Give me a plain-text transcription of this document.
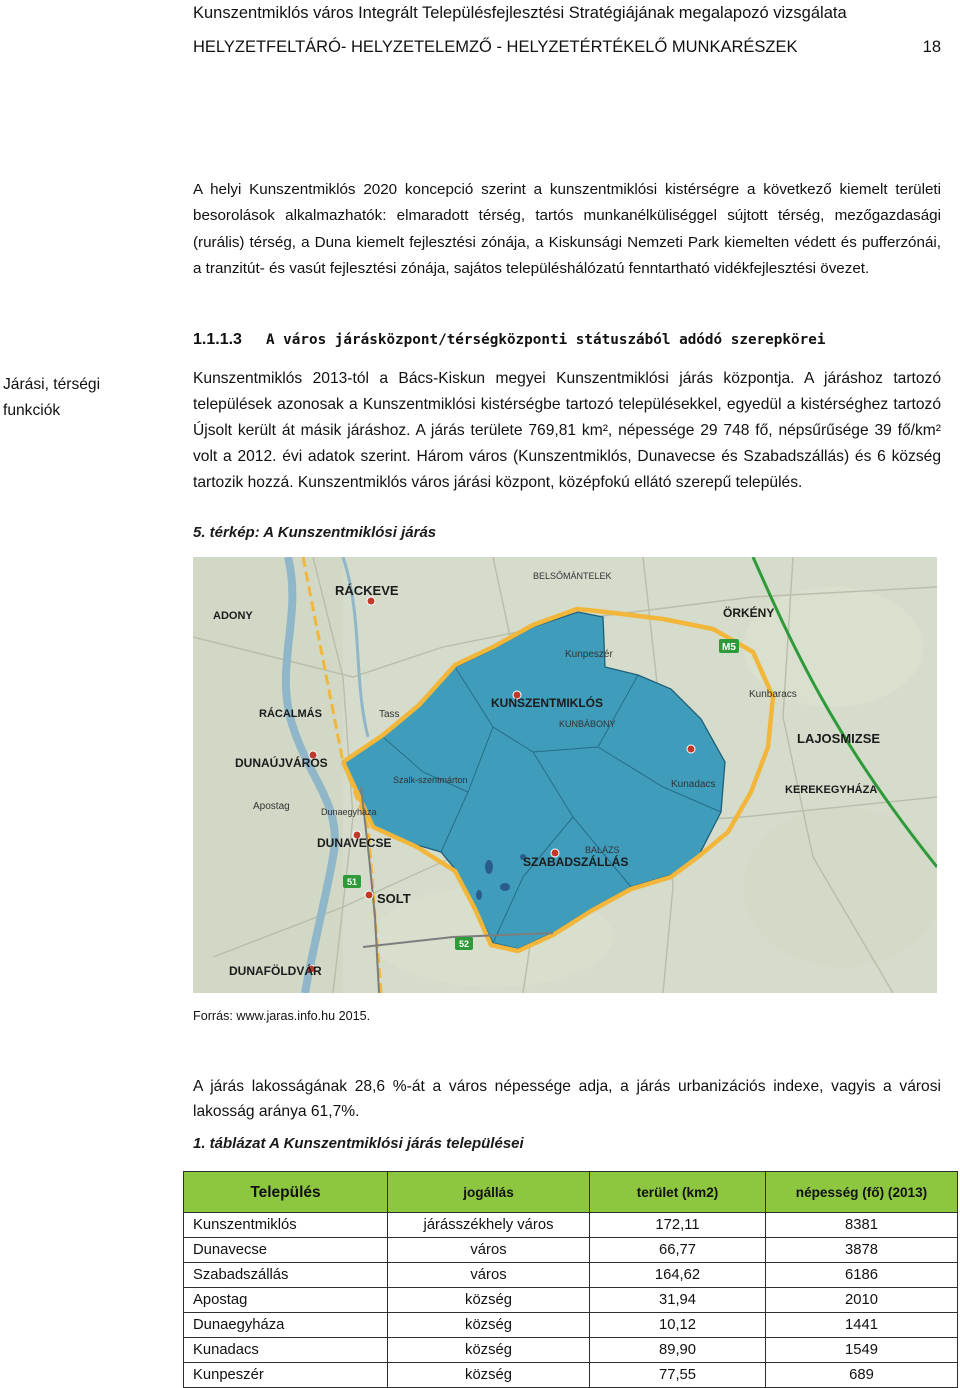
Kunszentmiklós város Integrált Településfejlesztési Stratégiájának megalapozó vizsgálata
HELYZETFELTÁRÓ- HELYZETELEMZŐ - HELYZETÉRTÉKELŐ MUNKARÉSZEK	18
A helyi Kunszentmiklós 2020 koncepció szerint a kunszentmiklósi kistérségre a következő kiemelt területi besorolások alkalmazhatók: elmaradott térség, tartós munkanélküliséggel sújtott térség, mezőgazdasági (rurális) térség, a Duna kiemelt fejlesztési zónája, a Kiskunsági Nemzeti Park kiemelten védett és pufferzónái, a tranzitút- és vasút fejlesztési zónája, sajátos településhálózatú fenntartható vidékfejlesztési övezet.
1.1.1.3 A város járásközpont/térségközponti státuszából adódó szerepkörei
Járási, térségi funkciók
Kunszentmiklós 2013-tól a Bács-Kiskun megyei Kunszentmiklósi járás központja. A járáshoz tartozó települések azonosak a Kunszentmiklósi kistérségbe tartozó településekkel, egyedül a kistérséghez tartozó Újsolt került át másik járáshoz. A járás területe 769,81 km², népessége 29 748 fő, népsűrűsége 39 fő/km² volt a 2012. évi adatok szerint. Három város (Kunszentmiklós, Dunavecse és Szabadszállás) és 6 község tartozik hozzá. Kunszentmiklós város járási központ, középfokú ellátó szerepű település.
5. térkép: A Kunszentmiklósi járás
M5
51
52
RÁCKEVE
ADONY
KUNSZENTMIKLÓS
DUNAÚJVÁROS
DUNAVECSE
SZABADSZÁLLÁS
SOLT
DUNAFÖLDVÁR
LAJOSMIZSE
ÖRKÉNY
KEREKEGYHÁZA
RÁCALMÁS
BELSŐMÁNTELEK
Kunpeszér
Kunadacs
Tass
Szalk-szentmárton
Apostag	Dunaegyháza
Kunbaracs
BALÁZS
KUNBÁBONY
Forrás: www.jaras.info.hu 2015.
A járás lakosságának 28,6 %-át a város népessége adja, a járás urbanizációs indexe, vagyis a városi lakosság aránya 61,7%.
1. táblázat A Kunszentmiklósi járás települései
Település	jogállás	terület (km2)	népesség (fő) (2013)
Kunszentmiklós	járásszékhely város	172,11	8381
Dunavecse	város	66,77	3878
Szabadszállás	város	164,62	6186
Apostag	község	31,94	2010
Dunaegyháza	község	10,12	1441
Kunadacs	község	89,90	1549
Kunpeszér	község	77,55	689
